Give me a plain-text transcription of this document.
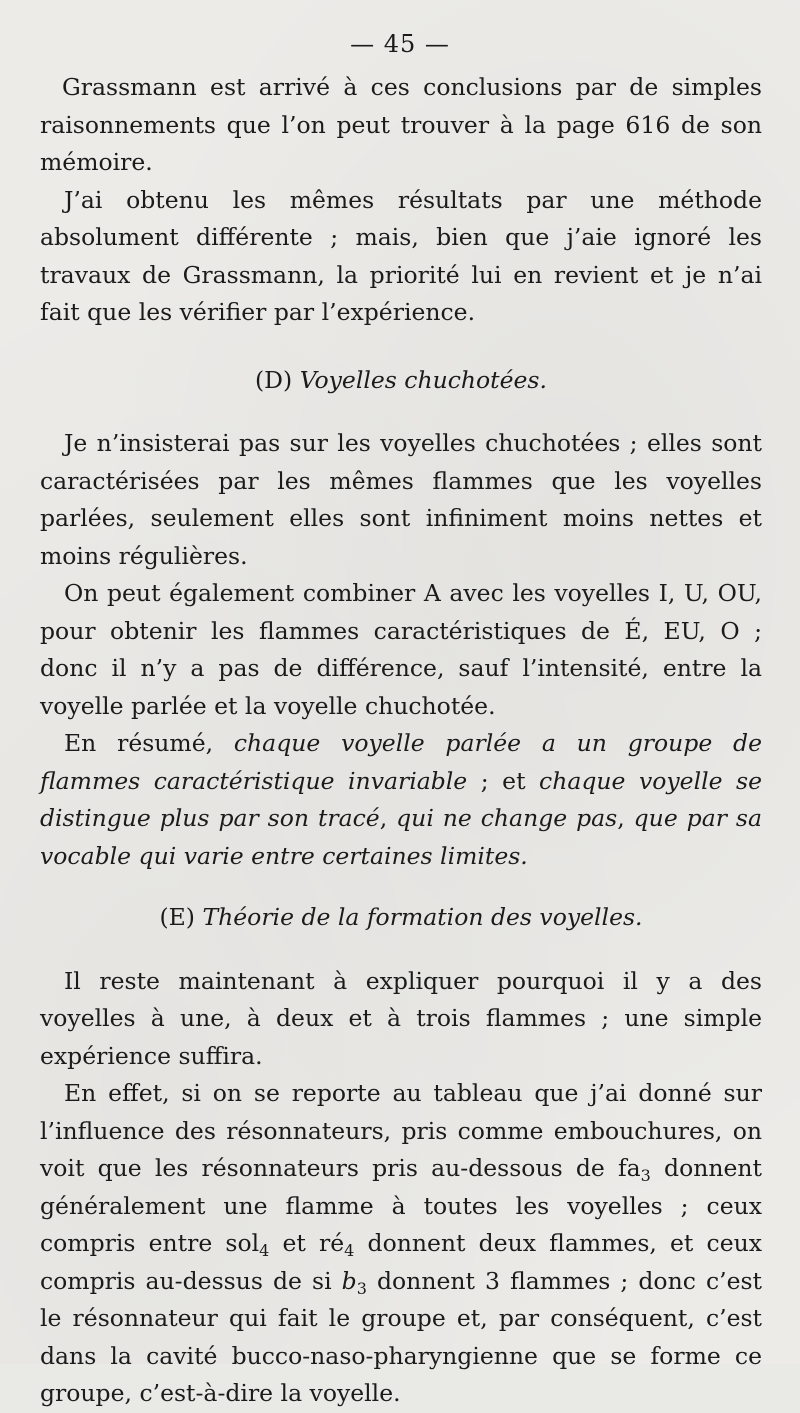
— 45 —

Grassmann est arrivé à ces conclusions par de simples raisonnements que l’on peut trouver à la page 616 de son mémoire.

J’ai obtenu les mêmes résultats par une méthode absolument différente ; mais, bien que j’aie ignoré les travaux de Grassmann, la priorité lui en revient et je n’ai fait que les vérifier par l’expérience.

(D) Voyelles chuchotées.

Je n’insisterai pas sur les voyelles chuchotées ; elles sont caractérisées par les mêmes flammes que les voyelles parlées, seulement elles sont infiniment moins nettes et moins régulières.

On peut également combiner A avec les voyelles I, U, OU, pour obtenir les flammes caractéristiques de É, EU, O ; donc il n’y a pas de différence, sauf l’intensité, entre la voyelle parlée et la voyelle chuchotée.

En résumé, chaque voyelle parlée a un groupe de flammes caractéristique invariable ; et chaque voyelle se distingue plus par son tracé, qui ne change pas, que par sa vocable qui varie entre certaines limites.

(E) Théorie de la formation des voyelles.

Il reste maintenant à expliquer pourquoi il y a des voyelles à une, à deux et à trois flammes ; une simple expérience suffira.

En effet, si on se reporte au tableau que j’ai donné sur l’influence des résonnateurs, pris comme embouchures, on voit que les résonnateurs pris au-dessous de $fa_3$ donnent généralement une flamme à toutes les voyelles ; ceux compris entre sol$_4$ et $ré_4$ donnent deux flammes, et ceux compris au-dessus de si $b_3$ donnent 3 flammes ; donc c’est le résonnateur qui fait le groupe et, par conséquent, c’est dans la cavité bucco-naso-pharyngienne que se forme ce groupe, c’est-à-dire la voyelle.
